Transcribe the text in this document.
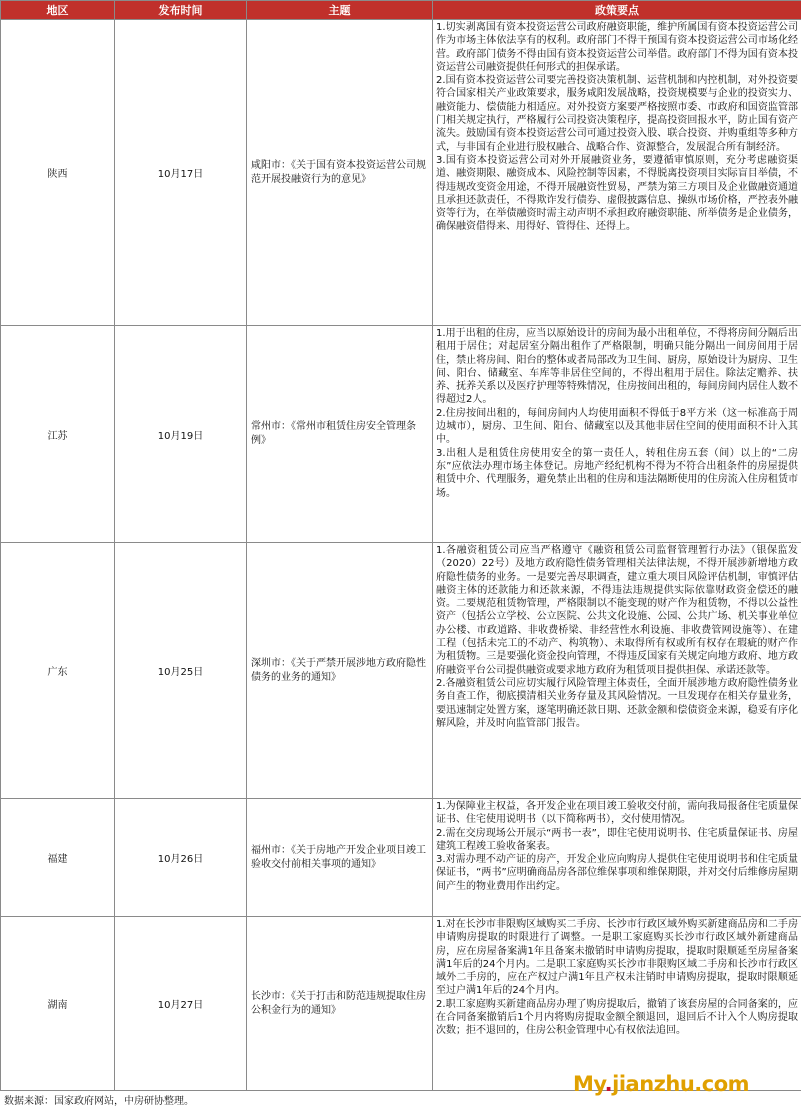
地区	发布时间	主题	政策要点
陕西	10月17日	咸阳市：《关于国有资本投资运营公司规范开展投融资行为的意见》	1.切实剥离国有资本投资运营公司政府融资职能，维护所属国有资本投资运营公司作为市场主体依法享有的权利。政府部门不得干预国有资本投资运营公司市场化经营。政府部门债务不得由国有资本投资运营公司举借。政府部门不得为国有资本投资运营公司融资提供任何形式的担保承诺。
2.国有资本投资运营公司要完善投资决策机制、运营机制和内控机制，对外投资要符合国家相关产业政策要求，服务咸阳发展战略，投资规模要与企业的投资实力、融资能力、偿债能力相适应。对外投资方案要严格按照市委、市政府和国资监管部门相关规定执行，严格履行公司投资决策程序，提高投资回报水平，防止国有资产流失。鼓励国有资本投资运营公司可通过投资入股、联合投资、并购重组等多种方式，与非国有企业进行股权融合、战略合作、资源整合，发展混合所有制经济。
3.国有资本投资运营公司对外开展融资业务，要遵循审慎原则，充分考虑融资渠道、融资期限、融资成本、风险控制等因素，不得脱离投资项目实际盲目举债，不得违规改变资金用途，不得开展融资性贸易，严禁为第三方项目及企业做融资通道且承担还款责任，不得欺诈发行债券、虚假披露信息、操纵市场价格，严控表外融资等行为，在举债融资时需主动声明不承担政府融资职能、所举债务是企业债务，确保融资借得来、用得好、管得住、还得上。

江苏	10月19日	常州市：《常州市租赁住房安全管理条例》	1.用于出租的住房，应当以原始设计的房间为最小出租单位，不得将房间分隔后出租用于居住；对起居室分隔出租作了严格限制，明确只能分隔出一间房间用于居住，禁止将房间、阳台的整体或者局部改为卫生间、厨房，原始设计为厨房、卫生间、阳台、储藏室、车库等非居住空间的，不得出租用于居住。除法定赡养、扶养、抚养关系以及医疗护理等特殊情况，住房按间出租的，每间房间内居住人数不得超过2人。
2.住房按间出租的，每间房间内人均使用面积不得低于8平方米（这一标准高于周边城市），厨房、卫生间、阳台、储藏室以及其他非居住空间的使用面积不计入其中。
3.出租人是租赁住房使用安全的第一责任人，转租住房五套（间）以上的“二房东”应依法办理市场主体登记。房地产经纪机构不得为不符合出租条件的房屋提供租赁中介、代理服务，避免禁止出租的住房和违法隔断使用的住房流入住房租赁市场。

广东	10月25日	深圳市：《关于严禁开展涉地方政府隐性债务的业务的通知》	1.各融资租赁公司应当严格遵守《融资租赁公司监督管理暂行办法》（银保监发（2020）22号）及地方政府隐性债务管理相关法律法规，不得开展涉新增地方政府隐性债务的业务。一是要完善尽职调查，建立重大项目风险评估机制，审慎评估融资主体的还款能力和还款来源，不得违法违规提供实际依靠财政资金偿还的融资。二要规范租赁物管理，严格限制以不能变现的财产作为租赁物，不得以公益性资产（包括公立学校、公立医院、公共文化设施、公园、公共广场、机关事业单位办公楼、市政道路、非收费桥梁、非经营性水利设施、非收费管网设施等）、在建工程（包括未完工的不动产、构筑物）、未取得所有权或所有权存在瑕疵的财产作为租赁物。三是要强化资金投向管理，不得违反国家有关规定向地方政府、地方政府融资平台公司提供融资或要求地方政府为租赁项目提供担保、承诺还款等。
2.各融资租赁公司应切实履行风险管理主体责任，全面开展涉地方政府隐性债务业务自查工作，彻底摸清相关业务存量及其风险情况。一旦发现存在相关存量业务，要迅速制定处置方案，逐笔明确还款日期、还款金额和偿债资金来源，稳妥有序化解风险，并及时向监管部门报告。

福建	10月26日	福州市：《关于房地产开发企业项目竣工验收交付前相关事项的通知》	1.为保障业主权益，各开发企业在项目竣工验收交付前，需向我局报备住宅质量保证书、住宅使用说明书（以下简称两书），交付使用情况。
2.需在交房现场公开展示“两书一表”，即住宅使用说明书、住宅质量保证书、房屋建筑工程竣工验收备案表。
3.对需办理不动产证的房产，开发企业应向购房人提供住宅使用说明书和住宅质量保证书，“两书”应明确商品房各部位维保事项和维保期限，并对交付后维修房屋期间产生的物业费用作出约定。

湖南	10月27日	长沙市：《关于打击和防范违规提取住房公积金行为的通知》	1.对在长沙市非限购区域购买二手房、长沙市行政区域外购买新建商品房和二手房申请购房提取的时限进行了调整。一是职工家庭购买长沙市行政区域外新建商品房，应在房屋备案满1年且备案未撤销时申请购房提取，提取时限顺延至房屋备案满1年后的24个月内。二是职工家庭购买长沙市非限购区域二手房和长沙市行政区域外二手房的，应在产权过户满1年且产权未注销时申请购房提取，提取时限顺延至过户满1年后的24个月内。
2.职工家庭购买新建商品房办理了购房提取后，撤销了该套房屋的合同备案的，应在合同备案撤销后1个月内将购房提取金额全额退回，退回后不计入个人购房提取次数；拒不退回的，住房公积金管理中心有权依法追回。
数据来源：国家政府网站，中房研协整理。
My.jianzhu.com
